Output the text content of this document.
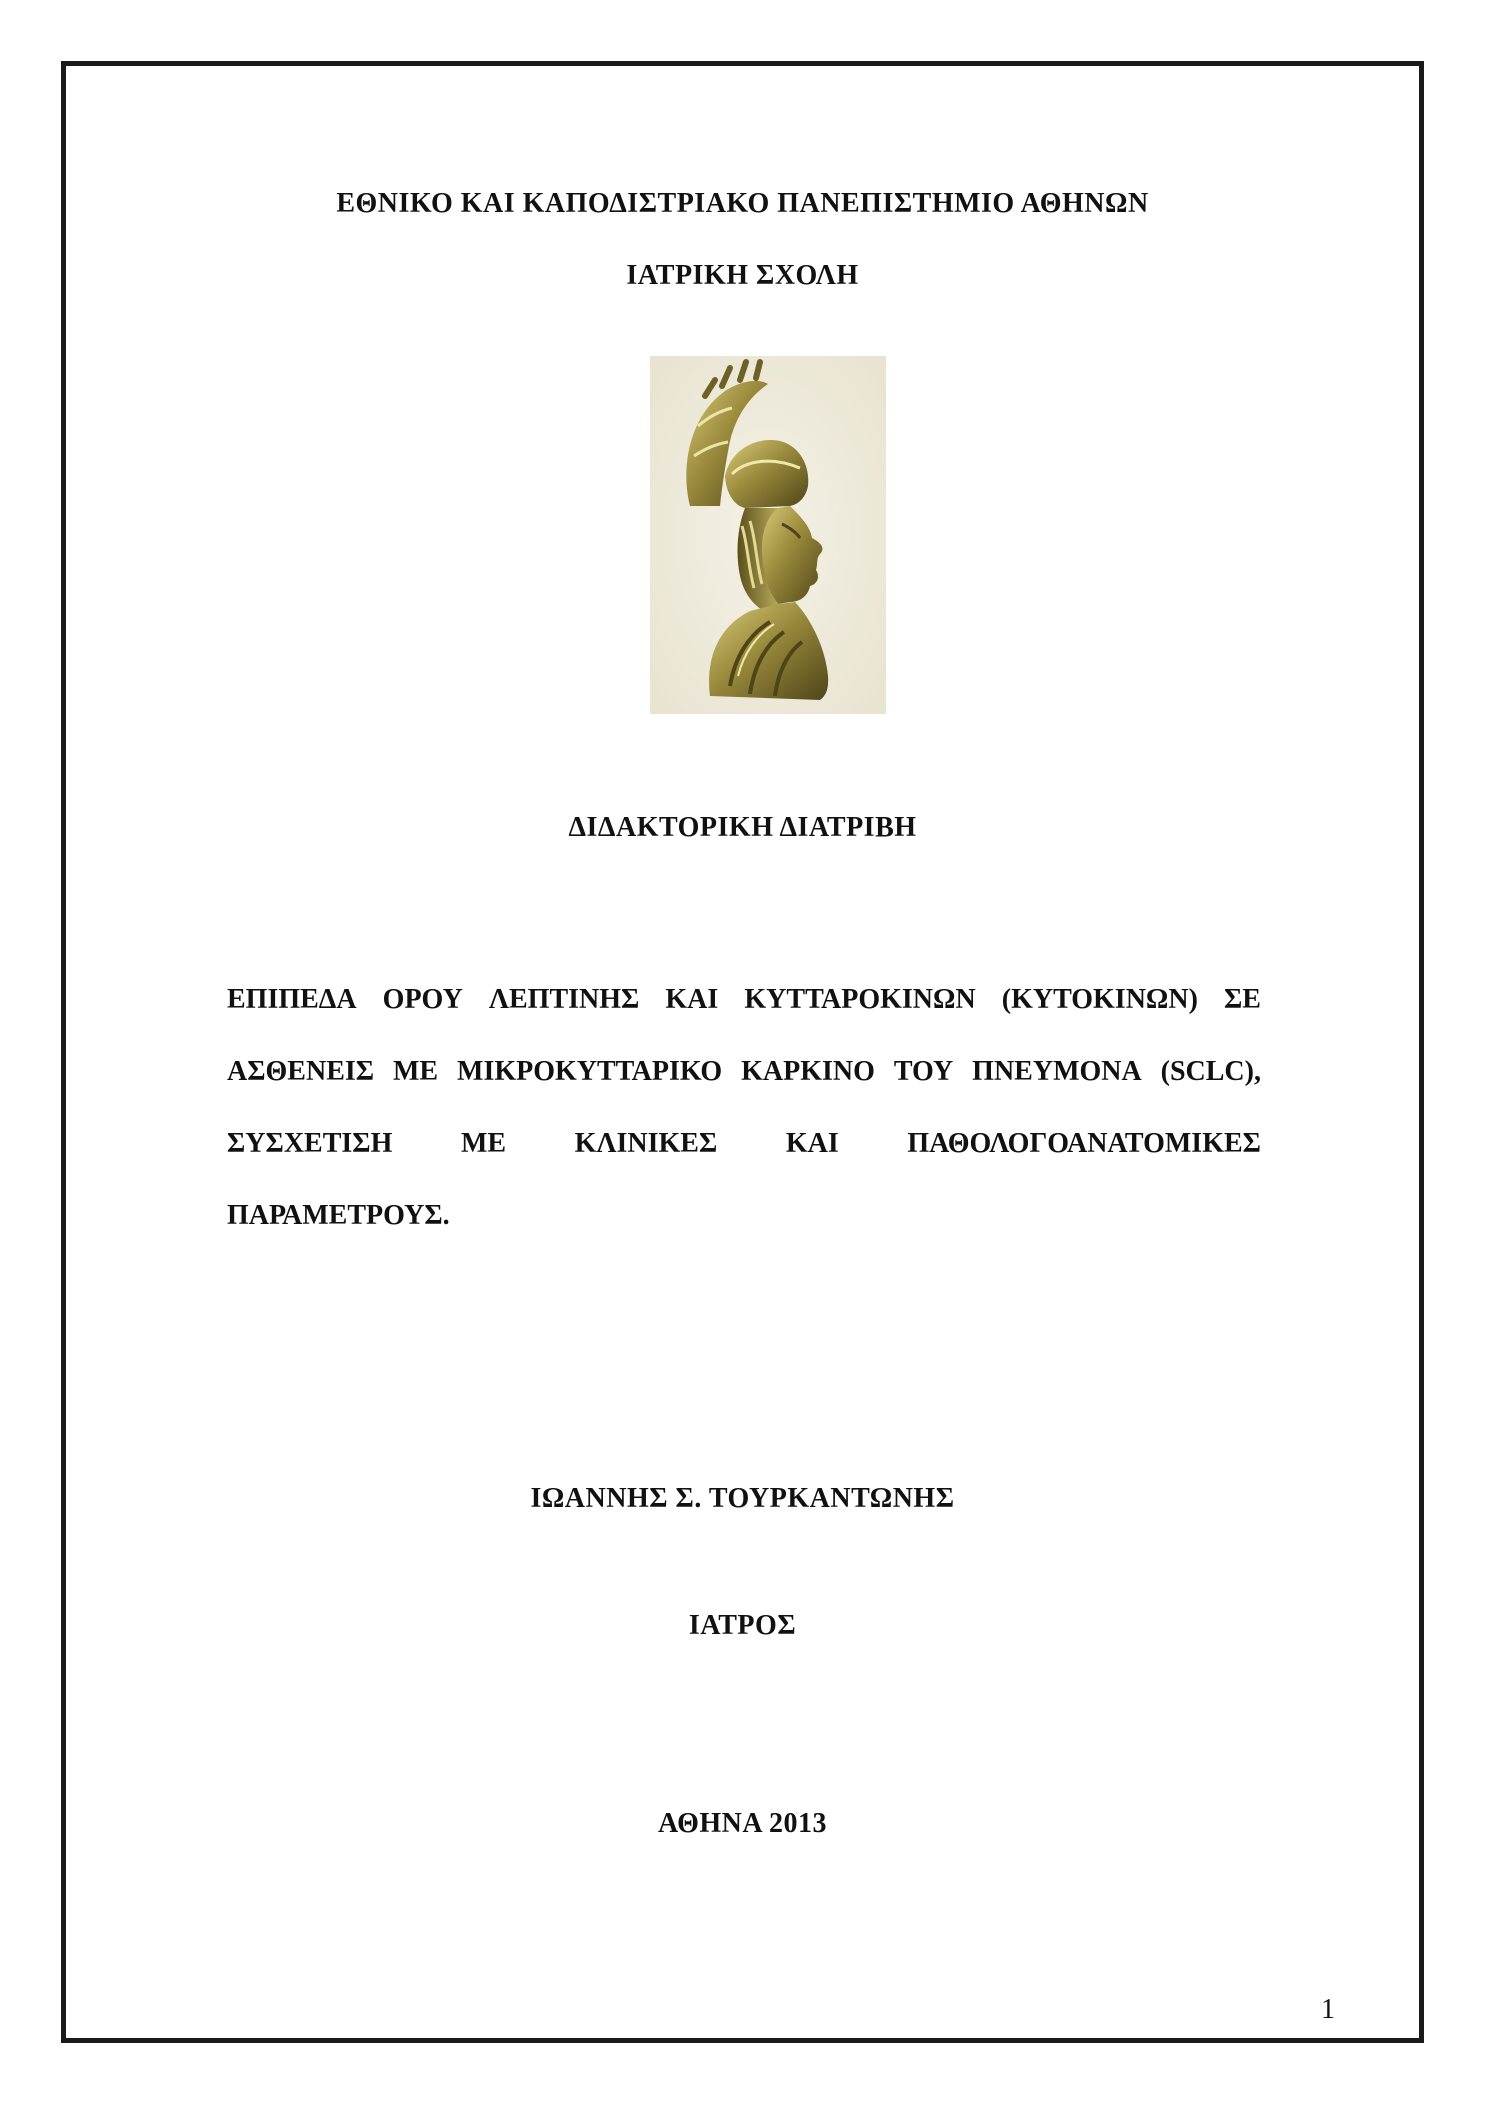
ΕΘΝΙΚΟ ΚΑΙ ΚΑΠΟΔΙΣΤΡΙΑΚΟ ΠΑΝΕΠΙΣΤΗΜΙΟ ΑΘΗΝΩΝ
ΙΑΤΡΙΚΗ ΣΧΟΛΗ
ΔΙΔΑΚΤΟΡΙΚΗ ΔΙΑΤΡΙΒΗ
ΕΠΙΠΕΔΑ ΟΡΟΥ ΛΕΠΤΙΝΗΣ ΚΑΙ ΚΥΤΤΑΡΟΚΙΝΩΝ (ΚΥΤΟΚΙΝΩΝ) ΣΕ
ΑΣΘΕΝΕΙΣ ΜΕ ΜΙΚΡΟΚΥΤΤΑΡΙΚΟ ΚΑΡΚΙΝΟ ΤΟΥ ΠΝΕΥΜΟΝΑ (SCLC),
ΣΥΣΧΕΤΙΣΗ ΜΕ ΚΛΙΝΙΚΕΣ ΚΑΙ ΠΑΘΟΛΟΓΟΑΝΑΤΟΜΙΚΕΣ
ΠΑΡΑΜΕΤΡΟΥΣ.
ΙΩΑΝΝΗΣ Σ. ΤΟΥΡΚΑΝΤΩΝΗΣ
ΙΑΤΡΟΣ
ΑΘΗΝΑ 2013
1
